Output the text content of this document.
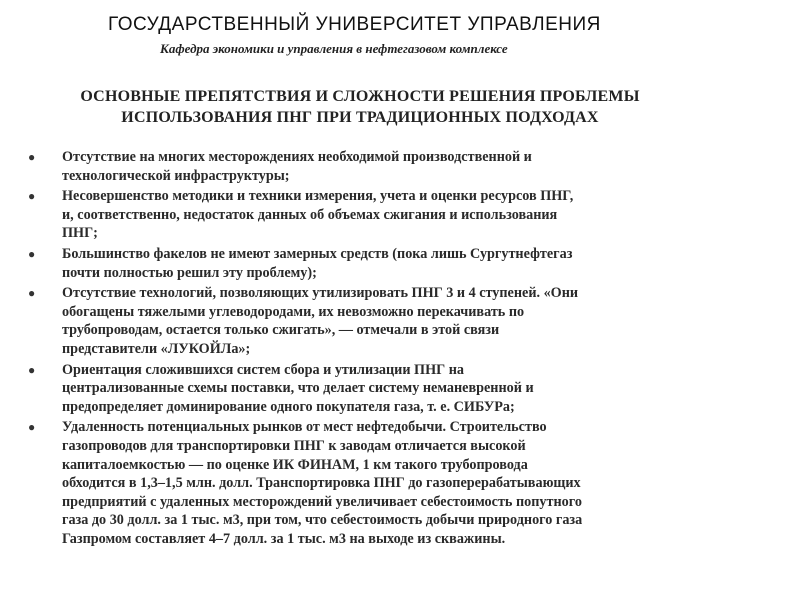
ГОСУДАРСТВЕННЫЙ УНИВЕРСИТЕТ УПРАВЛЕНИЯ
Кафедра экономики и управления в нефтегазовом комплексе
ОСНОВНЫЕ ПРЕПЯТСТВИЯ И СЛОЖНОСТИ РЕШЕНИЯ ПРОБЛЕМЫ
ИСПОЛЬЗОВАНИЯ ПНГ ПРИ ТРАДИЦИОННЫХ ПОДХОДАХ
● Отсутствие на многих месторождениях необходимой производственной и
технологической инфраструктуры;
● Несовершенство методики и техники измерения, учета и оценки ресурсов ПНГ,
и, соответственно, недостаток данных об объемах сжигания и использования
ПНГ;
● Большинство факелов не имеют замерных средств (пока лишь Сургутнефтегаз
почти полностью решил эту проблему);
● Отсутствие технологий, позволяющих утилизировать ПНГ 3 и 4 ступеней. «Они
обогащены тяжелыми углеводородами, их невозможно перекачивать по
трубопроводам, остается только сжигать», — отмечали в этой связи
представители «ЛУКОЙЛа»;
● Ориентация сложившихся систем сбора и утилизации ПНГ на
централизованные схемы поставки, что делает систему неманевренной и
предопределяет доминирование одного покупателя газа, т. е. СИБУРа;
● Удаленность потенциальных рынков от мест нефтедобычи. Строительство
газопроводов для транспортировки ПНГ к заводам отличается высокой
капиталоемкостью — по оценке ИК ФИНАМ, 1 км такого трубопровода
обходится в 1,3–1,5 млн. долл. Транспортировка ПНГ до газоперерабатывающих
предприятий с удаленных месторождений увеличивает себестоимость попутного
газа до 30 долл. за 1 тыс. м3, при том, что себестоимость добычи природного газа
Газпромом составляет 4–7 долл. за 1 тыс. м3 на выходе из скважины.
